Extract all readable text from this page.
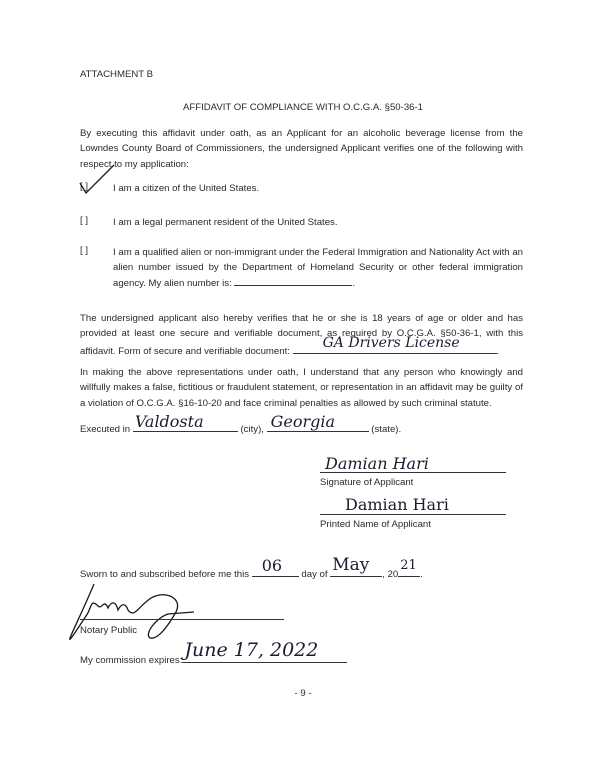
ATTACHMENT B
AFFIDAVIT OF COMPLIANCE WITH O.C.G.A. §50-36-1
By executing this affidavit under oath, as an Applicant for an alcoholic beverage license from the Lowndes County Board of Commissioners, the undersigned Applicant verifies one of the following with respect to my application:
[ ]	I am a citizen of the United States.
[ ]	I am a legal permanent resident of the United States.
[ ]	I am a qualified alien or non-immigrant under the Federal Immigration and Nationality Act with an alien number issued by the Department of Homeland Security or other federal immigration agency. My alien number is:	.
The undersigned applicant also hereby verifies that he or she is 18 years of age or older and has provided at least one secure and verifiable document, as required by O.C.G.A. §50-36-1, with this affidavit. Form of secure and verifiable document:
GA Drivers License
.
In making the above representations under oath, I understand that any person who knowingly and willfully makes a false, fictitious or fraudulent statement, or representation in an affidavit may be guilty of a violation of O.C.G.A. §16-10-20 and face criminal penalties as allowed by such criminal statute.
Executed in Valdosta	(city), Georgia	(state).
Damian Hari
Signature of Applicant
Damian Hari
Printed Name of Applicant
Sworn to and subscribed before me this 06 day of May , 20
21
.
Notary Public
My commission expires: June 17, 2022
- 9 -
